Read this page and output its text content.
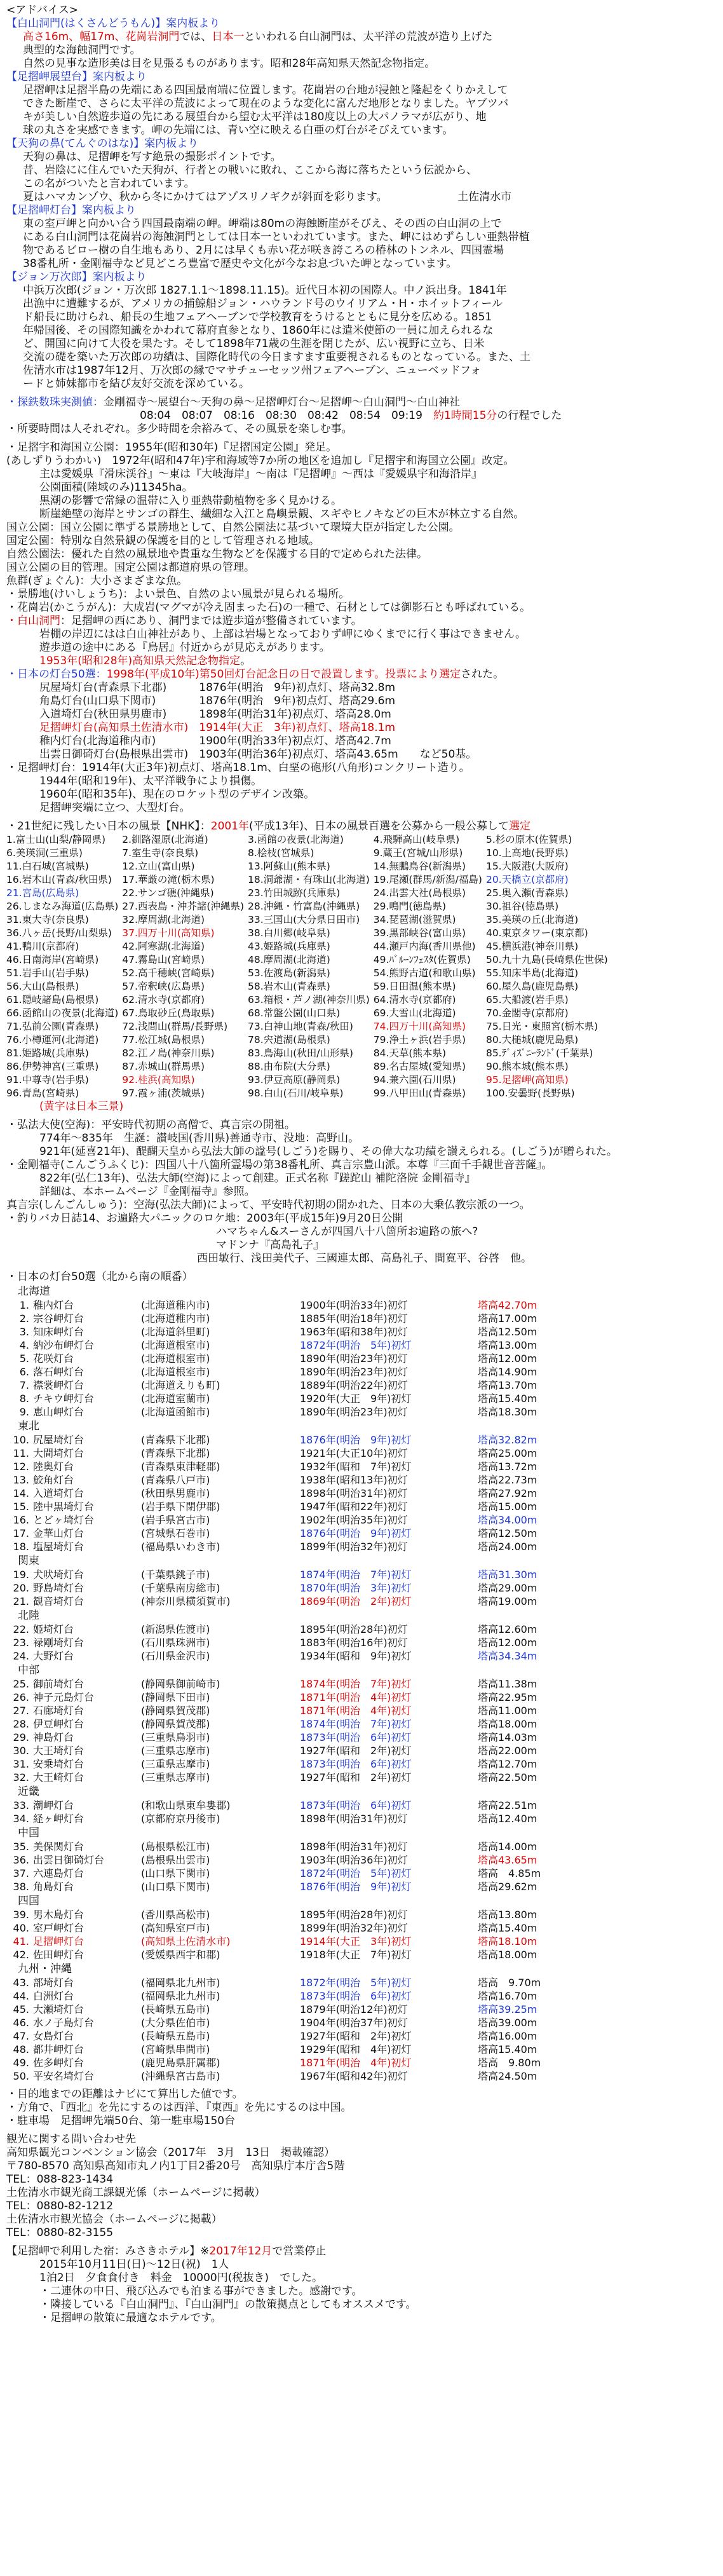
<アドバイス>
【白山洞門(はくさんどうもん)】案内板より
高さ16m、幅17m、花崗岩洞門では、日本一といわれる白山洞門は、太平洋の荒波が造り上げた
典型的な海蝕洞門です。
自然の見事な造形美は目を見張るものがあります。昭和28年高知県天然記念物指定。
【足摺岬展望台】案内板より
足摺岬は足摺半島の先端にある四国最南端に位置します。花崗岩の台地が浸蝕と隆起をくりかえして
できた断崖で、さらに太平洋の荒波によって現在のような変化に富んだ地形となりました。ヤブツバ
キが美しい自然遊歩道の先にある展望台から望む太平洋は180度以上の大パノラマが広がり、地
球の丸さを実感できます。岬の先端には、青い空に映える白亜の灯台がそびえています。
【天狗の鼻(てんぐのはな)】案内板より
天狗の鼻は、足摺岬を写す絶景の撮影ポイントです。
昔、岩陰にに住んでいた天狗が、行者との戦いに敗れ、ここから海に落ちたという伝説から、
この名がついたと言われています。
夏はハマカンゾウ、秋から冬にかけてはアゾスリノギクが斜面を彩ります。　　　　　　　	土佐清水市
【足摺岬灯台】案内板より
東の室戸岬と向かい合う四国最南端の岬。岬端は80mの海蝕断崖がそびえ、その西の白山洞の上で
にある白山洞門は花崗岩の海蝕洞門としては日本一といわれています。また、岬にはめずらしい亜熱帯植
物であるビロー樹の自生地もあり、2月には早くも赤い花が咲き誇ころの椿林のトンネル、四国霊場
38番札所・金剛福寺など見どころ豊富で歴史や文化が今なお息づいた岬となっています。
【ジョン万次郎】案内板より
中浜万次郎(ジョン・万次郎 1827.1.1〜1898.11.15)。近代日本初の国際人。中ノ浜出身。1841年
出漁中に遭難するが、アメリカの捕鯨船ジョン・ハウランド号のウイリアム・H・ホイットフィール
ド船長に助けられ、船長の生地フェアヘーブンで学校教育をうけるとともに見分を広める。1851
年帰国後、その国際知識をかわれて幕府直参となり、1860年には遣米使節の一員に加えられるな
ど、開国に向けて大役を果たす。そして1898年71歳の生涯を閉じたが、広い視野に立ち、日米
交流の礎を築いた万次郎の功績は、国際化時代の今日ますます重要視されるものとなっている。また、土
佐清水市は1987年12月、万次郎の縁でマサチューセッツ州フェアヘーブン、ニューベッドフォ
ードと姉妹都市を結び友好交流を深めている。
・探鉄数珠実測値：金剛福寺〜展望台〜天狗の鼻〜足摺岬灯台〜足摺岬〜白山洞門〜白山神社
08:04　08:07　08:16　08:30　08:42　08:54　09:19　 約1時間15分の行程でした
・所要時間は人それぞれ。多少時間を余裕みて、その風景を楽しむ事。
・足摺宇和海国立公園：1955年(昭和30年)『足摺国定公園』発足。
(あしずりうわかい)　1972年(昭和47年)宇和海域等7か所の地区を追加し『足摺宇和海国立公園』改定。
主は愛媛県『滑床渓谷』〜東は『大岐海岸』〜南は『足摺岬』〜西は『愛媛県宇和海沿岸』
公園面積(陸域のみ)11345ha。
黒潮の影響で常緑の温帯に入り亜熱帯動植物を多く見かける。
断崖絶壁の海岸とサンゴの群生、繊細な入江と島嶼景観、スギやヒノキなどの巨木が林立する自然。
国立公園：国立公園に準ずる景勝地として、自然公園法に基づいて環境大臣が指定した公園。
国定公園：特別な自然景観の保護を目的として管理される地域。
自然公園法：優れた自然の風景地や貴重な生物などを保護する目的で定められた法律。
国立公園の目的管理。国定公園は都道府県の管理。
魚群(ぎょぐん)：大小さまざまな魚。
・景勝地(けいしょうち)：よい景色、自然のよい風景が見られる場所。
・花崗岩(かこうがん)：大成岩(マグマが冷え固まった石)の一種で、石材としては御影石とも呼ばれている。
・白山洞門：足摺岬の西にあり、洞門までは遊歩道が整備されています。
岩棚の岸辺にはは白山神社があり、上部は岩場となっておりず岬にゆくまでに行く事はできません。
遊歩道の途中にある『鳥居』付近からが見応えがあります。
1953年(昭和28年)高知県天然記念物指定。
・日本の灯台50選：1998年(平成10年)第50回灯台記念日の日で設置します。投票により選定された。
尻屋埼灯台(青森県下北郡)　　　1876年(明治　9年)初点灯、塔高32.8m
角島灯台(山口県下関市)　　　　1876年(明治　9年)初点灯、塔高29.6m
入道埼灯台(秋田県男鹿市)　　　1898年(明治31年)初点灯、塔高28.0m
足摺岬灯台(高知県土佐清水市)　1914年(大正　3年)初点灯、塔高18.1m
稚内灯台(北海道稚内市)　　　　1900年(明治33年)初点灯、塔高42.7m
出雲日御碕灯台(島根県出雲市)　1903年(明治36年)初点灯、塔高43.65m　　など50基。
・足摺岬灯台：1914年(大正3年)初点灯、塔高18.1m、白堊の砲形(八角形)コンクリート造り。
1944年(昭和19年)、太平洋戦争により損傷。
1960年(昭和35年)、現在のロケット型のデザイン改築。
足摺岬突端に立つ、大型灯台。
・21世紀に残したい日本の風景【NHK】：2001年(平成13年)、日本の風景百選を公募から一般公募して選定
1.富士山(山梨/静岡県)	2.釧路湿原(北海道)	3.函館の夜景(北海道)	4.飛騨高山(岐阜県)	5.杉の原木(佐賀県)
6.美瑛洞(三重県)	7.室生寺(奈良県)	8.桧枝(宮城県)	9.蔵王(宮城/山形県)	10.上高地(長野県)
11.白石城(宮城県)	12.立山(富山県)	13.阿蘇山(熊本県)	14.無鵬鳥谷(新潟県)	15.大阪港(大阪府)
16.岩木山(青森/秋田県)	17.華厳の滝(栃木県)	18.洞爺湖・有珠山(北海道)	19.尾瀬(群馬/新潟/福島)	20.天橋立(京都府)
21.宮島(広島県)	22.サンゴ礁(沖縄県)	23.竹田城跡(兵庫県)	24.出雲大社(島根県)	25.奥入瀬(青森県)
26.しまなみ海道(広島県)	27.西表島・沖芥諸(沖縄県)	28.沖縄・竹富島(沖縄県)	29.鳴門(徳島県)	30.祖谷(徳島県)
31.東大寺(奈良県)	32.摩周湖(北海道)	33.三国山(大分県日田市)	34.琵琶湖(滋賀県)	35.美瑛の丘(北海道)
36.八ヶ岳(長野/山梨県)	37.四万十川(高知県)	38.白川郷(岐阜県)	39.黒部峡谷(富山県)	40.東京タワー(東京都)
41.鴨川(京都府)	42.阿寒湖(北海道)	43.姫路城(兵庫県)	44.瀬戸内海(香川県他)	45.横浜港(神奈川県)
46.日南海岸(宮崎県)	47.霧島山(宮崎県)	48.摩周湖(北海道)	49.ﾊﾞﾙｰﾝﾌｪｽﾀ(佐賀県)	50.九十九島(長崎県佐世保)
51.岩手山(岩手県)	52.高千穂峡(宮崎県)	53.佐渡島(新潟県)	54.熊野古道(和歌山県)	55.知床半島(北海道)
56.大山(島根県)	57.帝釈峡(広島県)	58.岩木山(青森県)	59.日田温(熊本県)	60.屋久島(鹿児島県)
61.隠岐諸島(島根県)	62.清水寺(京都府)	63.箱根・芦ノ湖(神奈川県)	64.清水寺(京都府)	65.大船渡(岩手県)
66.函館山の夜景(北海道)	67.鳥取砂丘(鳥取県)	68.常盤公園(山口県)	69.大雪山(北海道)	70.金閣寺(京都府)
71.弘前公園(青森県)	72.浅間山(群馬/長野県)	73.白神山地(青森/秋田)	74.四万十川(高知県)	75.日光・東照宮(栃木県)
76.小樽運河(北海道)	77.松江城(島根県)	78.宍道湖(島根県)	79.浄土ヶ浜(岩手県)	80.大槌城(鹿児島県)
81.姫路城(兵庫県)	82.江ノ島(神奈川県)	83.鳥海山(秋田/山形県)	84.天草(熊本県)	85.ﾃﾞｨｽﾞﾆｰﾗﾝﾄﾞ(千葉県)
86.伊勢神宮(三重県)	87.赤城山(群馬県)	88.由布院(大分県)	89.名古屋城(愛知県)	90.熊本城(熊本県)
91.中尊寺(岩手県)	92.桂浜(高知県)	93.伊豆高原(静岡県)	94.兼六園(石川県)	95.足摺岬(高知県)
96.青島(宮崎県)	97.霞ヶ浦(茨城県)	98.白山(石川/岐阜県)	99.八甲田山(青森県)	100.安曇野(長野県)
(黄字は日本三景)
・弘法大使(空海)：平安時代初期の高僧で、真言宗の開祖。
774年〜835年　生誕：讃岐国(香川県)善通寺市、没地：高野山。
921年(延喜21年)、醍醐天皇から弘法大師の諡号(しごう)を賜り、その偉大な功績を讃えられる。(しごう)が贈られた。
・金剛福寺(こんごうふくじ)：四国八十八箇所霊場の第38番札所、真言宗豊山派。本尊『三面千手観世音菩薩』。
822年(弘仁13年)、弘法大師(空海)によって創建。正式名称『蹉跎山 補陀洛院 金剛福寺』
詳細は、本ホームページ『金剛福寺』参照。
真言宗(しんごんしゅう)：空海(弘法大師)によって、平安時代初期の開かれた、日本の大乗仏教宗派の一つ。
・釣りバカ日誌14、お遍路大パニックのロケ地：2003年(平成15年)9月20日公開
ハマちゃん&スーさんが四国八十八箇所お遍路の旅へ?
マドンナ『高島礼子』
西田敏行、浅田美代子、三國連太郎、高島礼子、間寛平、谷啓　他。
・日本の灯台50選（北から南の順番）
北海道
1.	稚内灯台	(北海道稚内市)	1900年(明治33年)初灯	塔高42.70m
2.	宗谷岬灯台	(北海道稚内市)	1885年(明治18年)初灯	塔高17.00m
3.	知床岬灯台	(北海道斜里町)	1963年(昭和38年)初灯	塔高12.50m
4.	納沙布岬灯台	(北海道根室市)	1872年(明治　5年)初灯	塔高13.00m
5.	花咲灯台	(北海道根室市)	1890年(明治23年)初灯	塔高12.00m
6.	落石岬灯台	(北海道根室市)	1890年(明治23年)初灯	塔高14.90m
7.	襟裳岬灯台	(北海道えりも町)	1889年(明治22年)初灯	塔高13.70m
8.	チキウ岬灯台	(北海道室蘭市)	1920年(大正　9年)初灯	塔高15.40m
9.	恵山岬灯台	(北海道函館市)	1890年(明治23年)初灯	塔高18.30m
東北
10.	尻屋埼灯台	(青森県下北郡)	1876年(明治　9年)初灯	塔高32.82m
11.	大間埼灯台	(青森県下北郡)	1921年(大正10年)初灯	塔高25.00m
12.	陸奥灯台	(青森県東津軽郡)	1932年(昭和　7年)初灯	塔高13.72m
13.	鮫角灯台	(青森県八戸市)	1938年(昭和13年)初灯	塔高22.73m
14.	入道埼灯台	(秋田県男鹿市)	1898年(明治31年)初灯	塔高27.92m
15.	陸中黒埼灯台	(岩手県下閉伊郡)	1947年(昭和22年)初灯	塔高15.00m
16.	とどヶ埼灯台	(岩手県宮古市)	1902年(明治35年)初灯	塔高34.00m
17.	金華山灯台	(宮城県石巻市)	1876年(明治　9年)初灯	塔高12.50m
18.	塩屋埼灯台	(福島県いわき市)	1899年(明治32年)初灯	塔高24.00m
関東
19.	犬吠埼灯台	(千葉県銚子市)	1874年(明治　7年)初灯	塔高31.30m
20.	野島埼灯台	(千葉県南房総市)	1870年(明治　3年)初灯	塔高29.00m
21.	観音埼灯台	(神奈川県横須賀市)	1869年(明治　2年)初灯	塔高19.00m
北陸
22.	姫埼灯台	(新潟県佐渡市)	1895年(明治28年)初灯	塔高12.60m
23.	禄剛埼灯台	(石川県珠洲市)	1883年(明治16年)初灯	塔高12.00m
24.	大野灯台	(石川県金沢市)	1934年(昭和　9年)初灯	塔高34.34m
中部
25.	御前埼灯台	(静岡県御前崎市)	1874年(明治　7年)初灯	塔高11.38m
26.	神子元島灯台	(静岡県下田市)	1871年(明治　4年)初灯	塔高22.95m
27.	石廊埼灯台	(静岡県賀茂郡)	1871年(明治　4年)初灯	塔高11.00m
28.	伊豆岬灯台	(静岡県賀茂郡)	1874年(明治　7年)初灯	塔高18.00m
29.	神島灯台	(三重県鳥羽市)	1873年(明治　6年)初灯	塔高14.03m
30.	大王埼灯台	(三重県志摩市)	1927年(昭和　2年)初灯	塔高22.00m
31.	安乗埼灯台	(三重県志摩市)	1873年(明治　6年)初灯	塔高12.70m
32.	大王崎灯台	(三重県志摩市)	1927年(昭和　2年)初灯	塔高22.50m
近畿
33.	潮岬灯台	(和歌山県東牟婁郡)	1873年(明治　6年)初灯	塔高22.51m
34.	経ヶ岬灯台	(京都府京丹後市)	1898年(明治31年)初灯	塔高12.40m
中国
35.	美保関灯台	(島根県松江市)	1898年(明治31年)初灯	塔高14.00m
36.	出雲日御碕灯台	(島根県出雲市)	1903年(明治36年)初灯	塔高43.65m
37.	六連島灯台	(山口県下関市)	1872年(明治　5年)初灯	塔高　4.85m
38.	角島灯台	(山口県下関市)	1876年(明治　9年)初灯	塔高29.62m
四国
39.	男木島灯台	(香川県高松市)	1895年(明治28年)初灯	塔高13.80m
40.	室戸岬灯台	(高知県室戸市)	1899年(明治32年)初灯	塔高15.40m
41.	足摺岬灯台	(高知県土佐清水市)	1914年(大正　3年)初灯	塔高18.10m
42.	佐田岬灯台	(愛媛県西宇和郡)	1918年(大正　7年)初灯	塔高18.00m
九州・沖縄
43.	部埼灯台	(福岡県北九州市)	1872年(明治　5年)初灯	塔高　9.70m
44.	白洲灯台	(福岡県北九州市)	1873年(明治　6年)初灯	塔高16.70m
45.	大瀬埼灯台	(長崎県五島市)	1879年(明治12年)初灯	塔高39.25m
46.	水ノ子島灯台	(大分県佐伯市)	1904年(明治37年)初灯	塔高39.00m
47.	女島灯台	(長崎県五島市)	1927年(昭和　2年)初灯	塔高16.00m
48.	都井岬灯台	(宮崎県串間市)	1929年(昭和　4年)初灯	塔高15.40m
49.	佐多岬灯台	(鹿児島県肝属郡)	1871年(明治　4年)初灯	塔高　9.80m
50.	平安名埼灯台	(沖縄県宮古島市)	1967年(昭和42年)初灯	塔高24.50m
・目的地までの距離はナビにて算出した値です。
・方角で、『西北』を先にするのは西洋、『東西』を先にするのは中国。
・駐車場　足摺岬先端50台、第一駐車場150台
観光に関する問い合わせ先
高知県観光コンベンション協会（2017年　3月　13日　掲載確認）
〒780-8570 高知県高知市丸ノ内1丁目2番20号　高知県庁本庁舎5階
TEL：088-823-1434
土佐清水市観光商工課観光係（ホームページに掲載）
TEL：0880-82-1212
土佐清水市観光協会（ホームページに掲載）
TEL：0880-82-3155
【足摺岬で利用した宿：みさきホテル】※2017年12月で営業停止
2015年10月11日(日)〜12日(祝)　1人
1泊2日　夕食食付き　料金　10000円(税抜き)　でした。
・二連休の中日、飛び込みでも泊まる事ができました。感謝です。
・隣接している『白山洞門』、『白山洞門』の散策拠点としてもオススメです。
・足摺岬の散策に最適なホテルです。
